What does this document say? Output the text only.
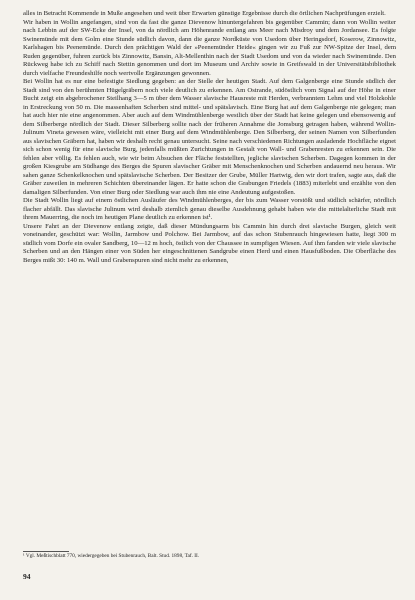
alles in Betracht Kommende in Muße angesehen und weit über Erwarten günstige Ergebnisse durch die örtlichen Nachprüfungen erzielt.

Wir haben in Wollin angefangen, sind von da fast die ganze Dievenow hinuntergefahren bis gegenüber Cammin; dann von Wollin weiter nach Lebbin auf der SW-Ecke der Insel, von da nördlich am Höhenrande entlang ans Meer nach Misdroy und dem Jordansee. Es folgte Swinemünde mit dem Golm eine Stunde südlich davon, dann die ganze Nordküste von Usedom über Heringsdorf, Koserow, Zinnowitz, Karlshagen bis Peenemünde. Durch den prächtigen Wald der »Peenemünder Heide« gingen wir zu Fuß zur NW-Spitze der Insel, dem Ruden gegenüber, fuhren zurück bis Zinnowitz, Bansin, Alt-Mellenthin nach der Stadt Usedom und von da wieder nach Swinemünde. Den Rückweg habe ich zu Schiff nach Stettin genommen und dort im Museum und Archiv sowie in Greifswald in der Universitätsbibliothek durch vielfache Freundeshilfe noch wertvolle Ergänzungen gewonnen.

Bei Wollin hat es nur eine befestigte Siedlung gegeben: an der Stelle der heutigen Stadt. Auf dem Galgenberge eine Stunde südlich der Stadt sind von den berühmten Hügelgräbern noch viele deutlich zu erkennen. Am Ostrande, südöstlich vom Signal auf der Höhe in einer Bucht zeigt ein abgebrochener Steilhang 3—5 m über dem Wasser slavische Hausreste mit Herden, verbranntem Lehm und viel Holzkohle in Erstreckung von 50 m. Die massenhaften Scherben sind mittel- und spätslavisch. Eine Burg hat auf dem Galgenberge nie gelegen; man hat auch hier nie eine angenommen. Aber auch auf dem Windmühlenberge westlich über der Stadt hat keine gelegen und ebensowenig auf dem Silberberge nördlich der Stadt. Dieser Silberberg sollte nach der früheren Annahme die Jomsburg getragen haben, während Wollin-Julinum Vineta gewesen wäre, vielleicht mit einer Burg auf dem Windmühlenberge. Den Silberberg, der seinen Namen von Silberfunden aus slavischen Gräbern hat, haben wir deshalb recht genau untersucht. Seine nach verschiedenen Richtungen ausladende Hochfläche eignet sich schon wenig für eine slavische Burg, jedenfalls müßten Zurichtungen in Gestalt von Wall- und Grabenresten zu erkennen sein. Die fehlen aber völlig. Es fehlen auch, wie wir beim Absuchen der Fläche feststellten, jegliche slavischen Scherben. Dagegen kommen in der großen Kiesgrube am Südhange des Berges die Spuren slavischer Gräber mit Menschenknochen und Scherben andauernd neu heraus. Wir sahen ganze Schenkelknochen und spätslavische Scherben. Der Besitzer der Grube, Müller Hartwig, den wir dort trafen, sagte aus, daß die Gräber zuweilen in mehreren Schichten übereinander lägen. Er hatte schon die Grabungen Friedels (1883) miterlebt und erzählte von den damaligen Silberfunden. Von einer Burg oder Siedlung war auch ihm nie eine Andeutung aufgestoßen.

Die Stadt Wollin liegt auf einem östlichen Ausläufer des Windmühlenberges, der bis zum Wasser vorstößt und südlich schärfer, nördlich flacher abfällt. Das slavische Julinum wird deshalb ziemlich genau dieselbe Ausdehnung gehabt haben wie die mittelalterliche Stadt mit ihrem Mauerring, die noch im heutigen Plane deutlich zu erkennen ist¹.

Unsere Fahrt an der Dievenow entlang zeigte, daß dieser Mündungsarm bis Cammin hin durch drei slavische Burgen, gleich weit voneinander, geschützt war: Wollin, Jarmbow und Polchow. Bei Jarmbow, auf das schon Stubenrauch hingewiesen hatte, liegt 300 m südlich vom Dorfe ein ovaler Sandberg, 10—12 m hoch, östlich von der Chaussee in sumpfigen Wiesen. Auf ihm fanden wir viele slavische Scherben und an den Hängen einer von Süden her eingeschnittenen Sandgrube einen Herd und einen Hausfußboden. Die Oberfläche des Berges mißt 30: 140 m. Wall und Grabenspuren sind nicht mehr zu erkennen,

¹ Vgl. Meßtischblatt 770, wiedergegeben bei Stubenrauch, Balt. Stud. 1898, Taf. II.
94
